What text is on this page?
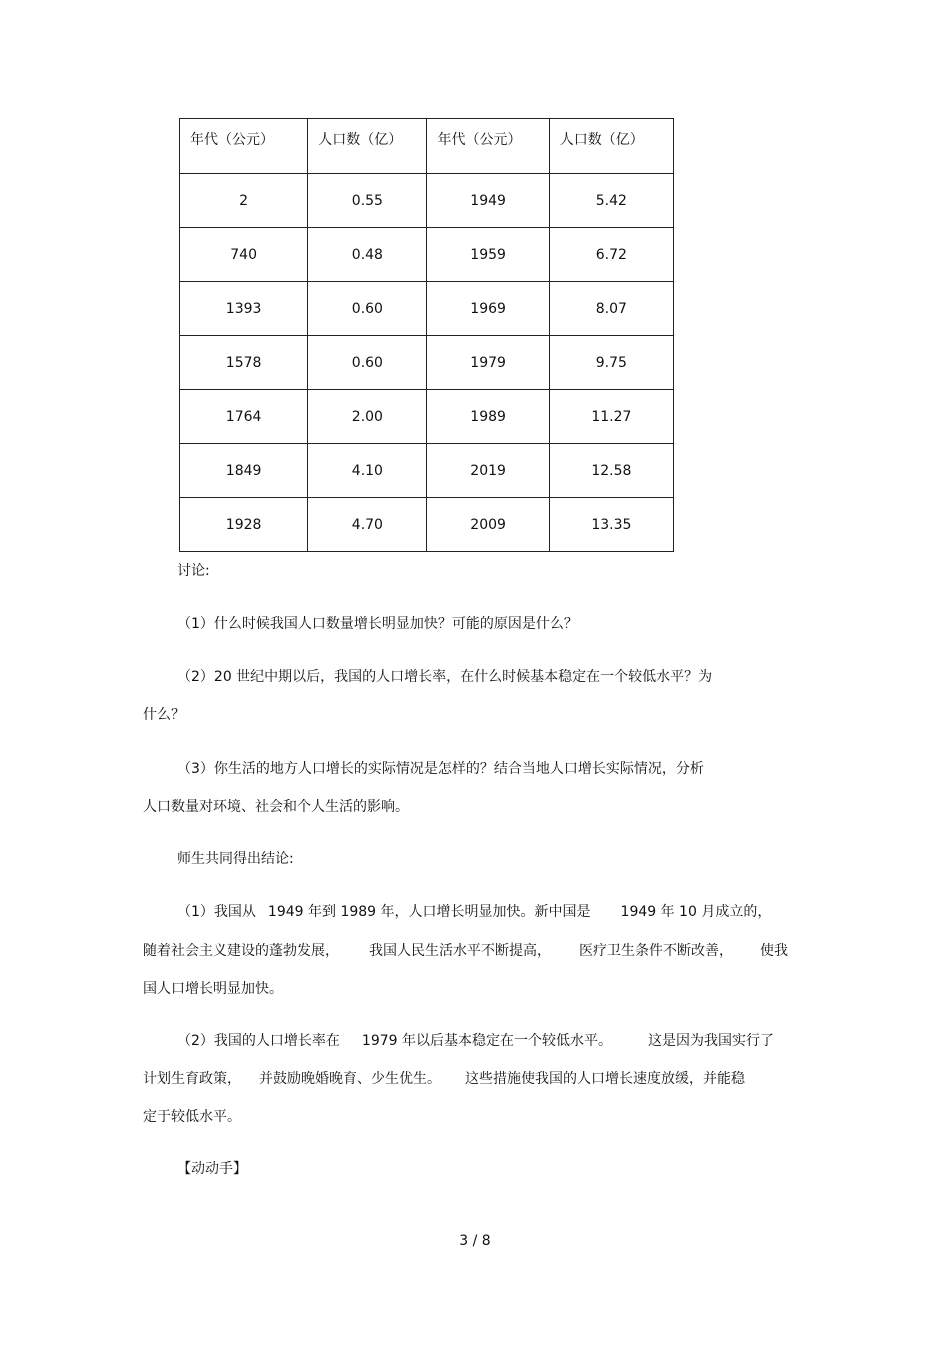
年代（公元）	人口数（亿）	年代（公元）	人口数（亿）
2	0.55	1949	5.42
740	0.48	1959	6.72
1393	0.60	1969	8.07
1578	0.60	1979	9.75
1764	2.00	1989	11.27
1849	4.10	2019	12.58
1928	4.70	2009	13.35
讨论:
（1）什么时候我国人口数量增长明显加快？可能的原因是什么？
（2）20 世纪中期以后，我国的人口增长率，在什么时候基本稳定在一个较低水平？为
什么？
（3）你生活的地方人口增长的实际情况是怎样的？结合当地人口增长实际情况，分析
人口数量对环境、社会和个人生活的影响。
师生共同得出结论:
（1）我国从 1949 年到 1989 年，人口增长明显加快。新中国是 1949 年 10 月成立的，
随着社会主义建设的蓬勃发展， 我国人民生活水平不断提高， 医疗卫生条件不断改善， 使我
国人口增长明显加快。
（2）我国的人口增长率在 1979 年以后基本稳定在一个较低水平。	这是因为我国实行了
计划生育政策， 并鼓励晚婚晚育、少生优生。 这些措施使我国的人口增长速度放缓，并能稳
定于较低水平。
【动动手】
3 / 8
